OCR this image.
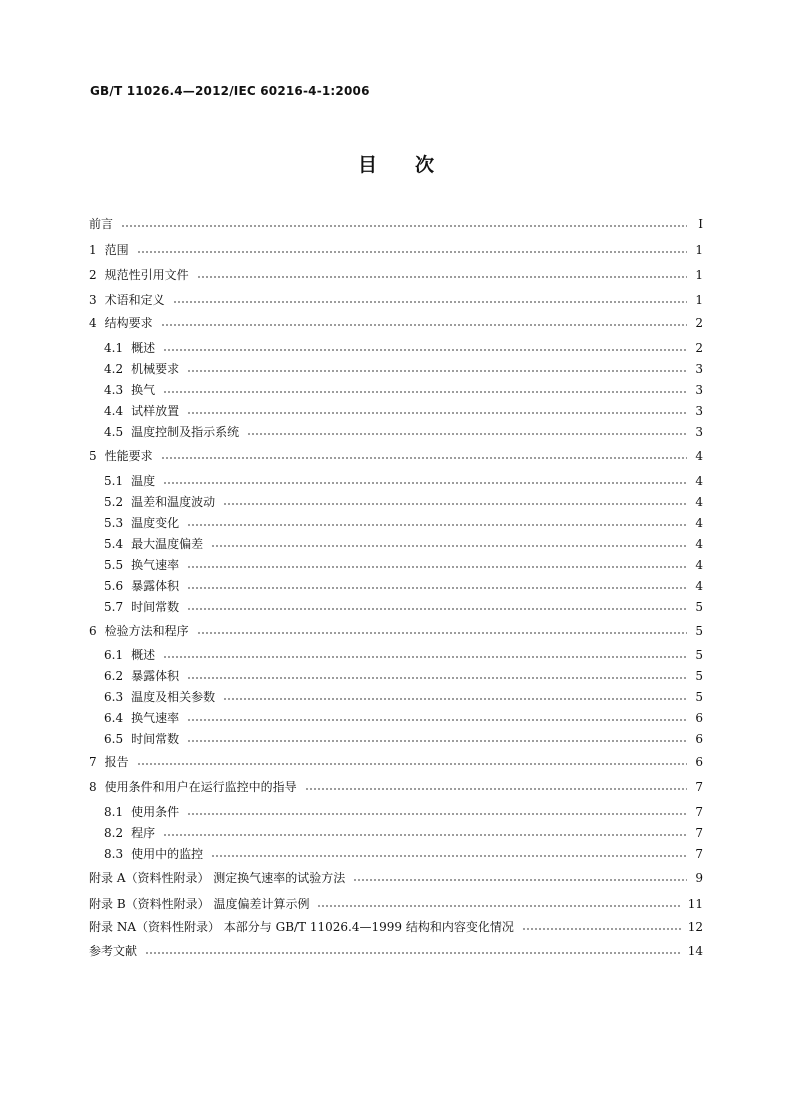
GB/T 11026.4—2012/IEC 60216-4-1:2006
目次
前言	I
1 范围	1
2 规范性引用文件	1
3 术语和定义	1
4 结构要求	2
4.1 概述	2
4.2 机械要求	3
4.3 换气	3
4.4 试样放置	3
4.5 温度控制及指示系统	3
5 性能要求	4
5.1 温度	4
5.2 温差和温度波动	4
5.3 温度变化	4
5.4 最大温度偏差	4
5.5 换气速率	4
5.6 暴露体积	4
5.7 时间常数	5
6 检验方法和程序	5
6.1 概述	5
6.2 暴露体积	5
6.3 温度及相关参数	5
6.4 换气速率	6
6.5 时间常数	6
7 报告	6
8 使用条件和用户在运行监控中的指导	7
8.1 使用条件	7
8.2 程序	7
8.3 使用中的监控	7
附录 A（资料性附录） 测定换气速率的试验方法	9
附录 B（资料性附录） 温度偏差计算示例	11
附录 NA（资料性附录） 本部分与 GB/T 11026.4—1999 结构和内容变化情况	12
参考文献	14
